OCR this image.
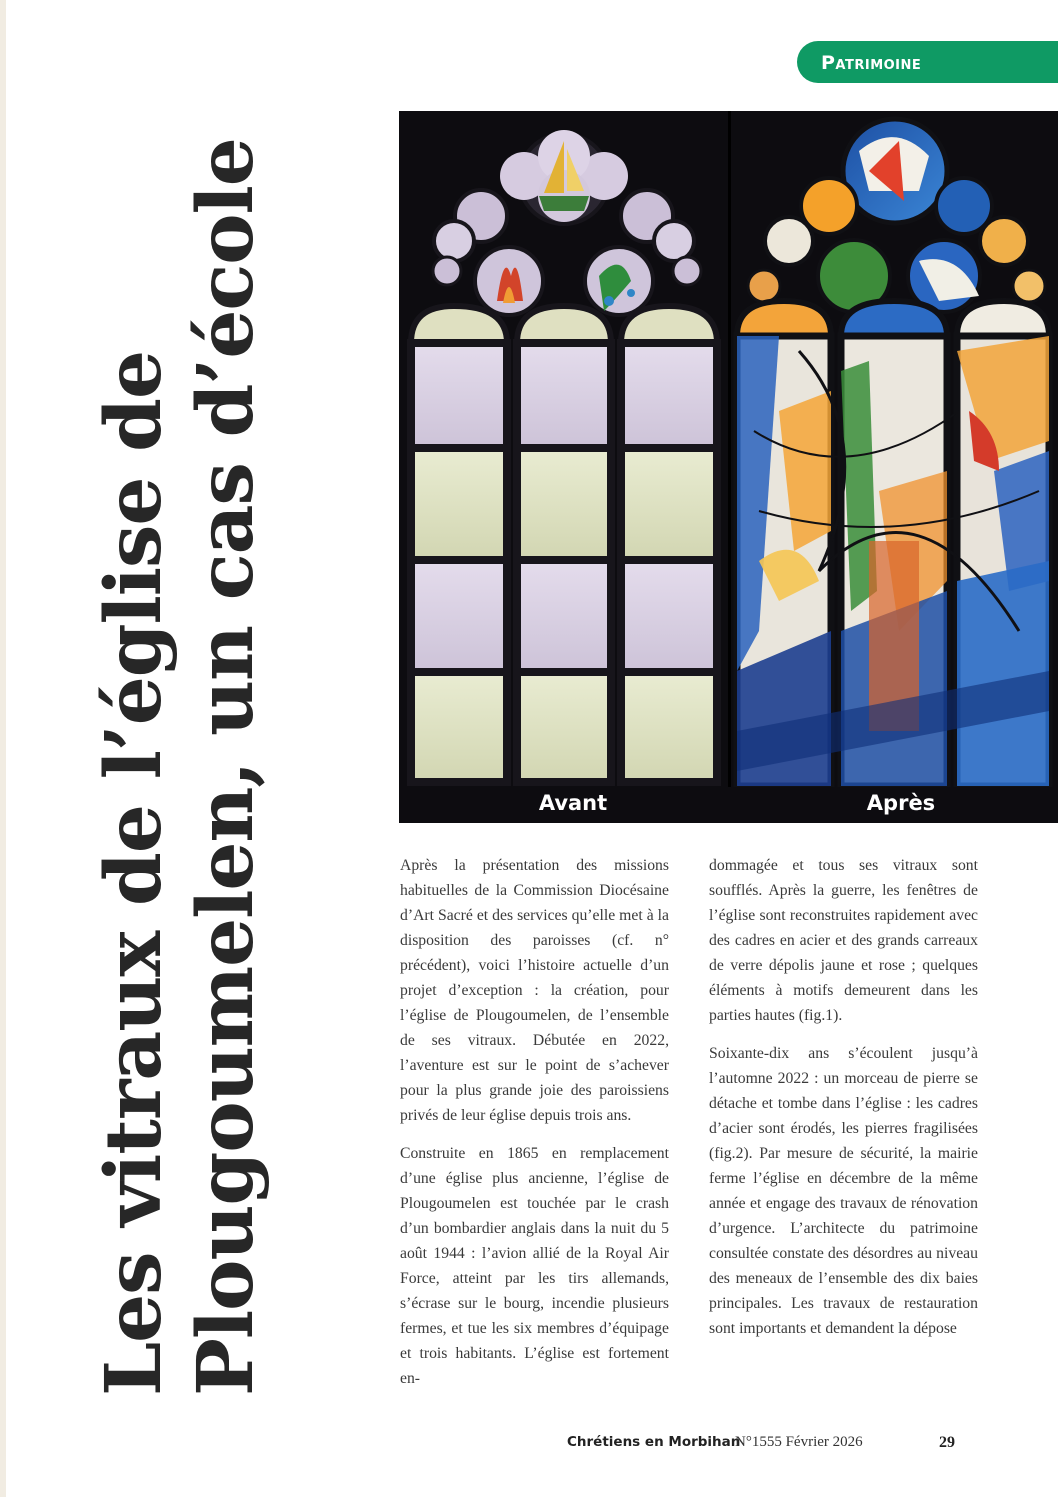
Patrimoine
Les vitraux de l’église de Plougoumelen, un cas d’école	Avant	Après

Après la présentation des missions habituelles de la Commission Diocésaine d’Art Sacré et des services qu’elle met à la disposition des paroisses (cf. n° précédent), voici l’histoire actuelle d’un projet d’exception : la création, pour l’église de Plougoumelen, de l’ensemble de ses vitraux. Débutée en 2022, l’aventure est sur le point de s’achever pour la plus grande joie des paroissiens privés de leur église depuis trois ans.

Construite en 1865 en remplacement d’une église plus ancienne, l’église de Plougoumelen est touchée par le crash d’un bombardier anglais dans la nuit du 5 août 1944 : l’avion allié de la Royal Air Force, atteint par les tirs allemands, s’écrase sur le bourg, incendie plusieurs fermes, et tue les six membres d’équipage et trois habitants. L’église est fortement en-

dommagée et tous ses vitraux sont soufflés. Après la guerre, les fenêtres de l’église sont reconstruites rapidement avec des cadres en acier et des grands carreaux de verre dépolis jaune et rose ; quelques éléments à motifs demeurent dans les parties hautes (fig.1).

Soixante-dix ans s’écoulent jusqu’à l’automne 2022 : un morceau de pierre se détache et tombe dans l’église : les cadres d’acier sont érodés, les pierres fragilisées (fig.2). Par mesure de sécurité, la mairie ferme l’église en décembre de la même année et engage des travaux de rénovation d’urgence. L’architecte du patrimoine consultée constate des désordres au niveau des meneaux de l’ensemble des dix baies principales. Les travaux de restauration sont importants et demandent la dépose

Chrétiens en Morbihan
N°1555 Février 2026	29
